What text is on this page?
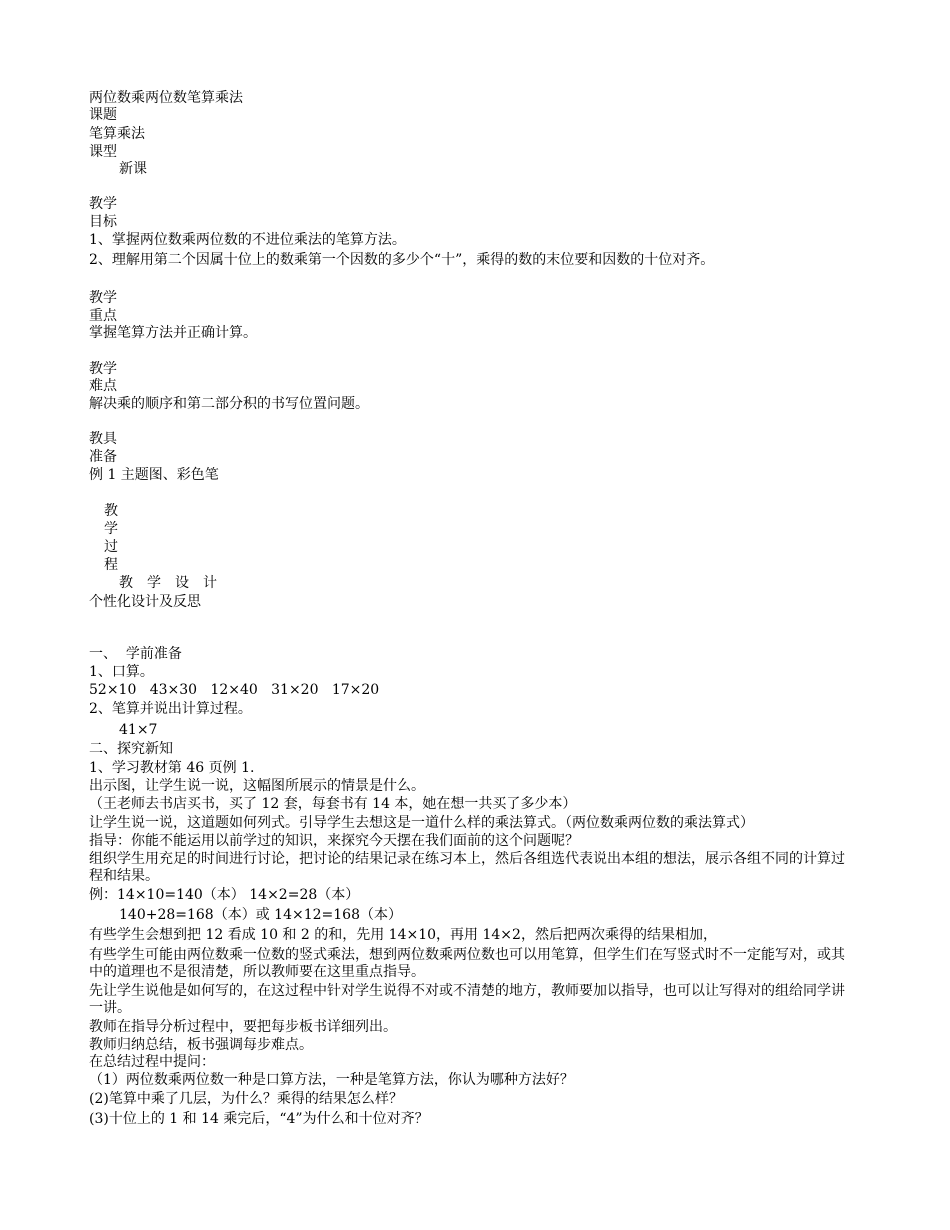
两位数乘两位数笔算乘法
课题
笔算乘法
课型
新课
教学
目标
1、掌握两位数乘两位数的不进位乘法的笔算方法。
2、理解用第二个因属十位上的数乘第一个因数的多少个“十”，乘得的数的末位要和因数的十位对齐。
教学
重点
掌握笔算方法并正确计算。
教学
难点
解决乘的顺序和第二部分积的书写位置问题。
教具
准备
例 1 主题图、彩色笔
教
学
过
程
教　学　设　计
个性化设计及反思
一、  学前准备
1、口算。
52×10   43×30   12×40   31×20   17×20
2、笔算并说出计算过程。
41×7
二、探究新知
1、学习教材第 46 页例 1.
出示图，让学生说一说，这幅图所展示的情景是什么。
（王老师去书店买书，买了 12 套，每套书有 14 本，她在想一共买了多少本）
让学生说一说，这道题如何列式。引导学生去想这是一道什么样的乘法算式。（两位数乘两位数的乘法算式）
指导：你能不能运用以前学过的知识，来探究今天摆在我们面前的这个问题呢？
组织学生用充足的时间进行讨论，把讨论的结果记录在练习本上，然后各组选代表说出本组的想法，展示各组不同的计算过程和结果。
例：14×10=140（本） 14×2=28（本）
140+28=168（本）或 14×12=168（本）
有些学生会想到把 12 看成 10 和 2 的和，先用 14×10，再用 14×2，然后把两次乘得的结果相加，
有些学生可能由两位数乘一位数的竖式乘法，想到两位数乘两位数也可以用笔算，但学生们在写竖式时不一定能写对，或其中的道理也不是很清楚，所以教师要在这里重点指导。
先让学生说他是如何写的，在这过程中针对学生说得不对或不清楚的地方，教师要加以指导，也可以让写得对的组给同学讲一讲。
教师在指导分析过程中，要把每步板书详细列出。
教师归纳总结，板书强调每步难点。
在总结过程中提问：
（1）两位数乘两位数一种是口算方法，一种是笔算方法，你认为哪种方法好？
(2)笔算中乘了几层，为什么？乘得的结果怎么样？
(3)十位上的 1 和 14 乘完后，“4”为什么和十位对齐？
